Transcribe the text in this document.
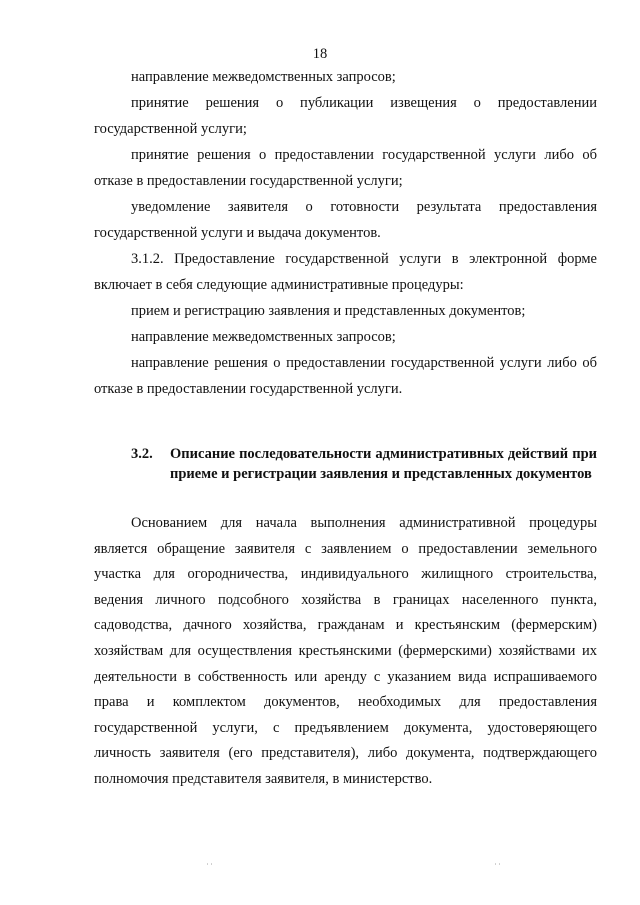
18

направление межведомственных запросов;

принятие решения о публикации извещения о предоставлении государственной услуги;

принятие решения о предоставлении государственной услуги либо об отказе в предоставлении государственной услуги;

уведомление заявителя о готовности результата предоставления государственной услуги и выдача документов.

3.1.2. Предоставление государственной услуги в электронной форме включает в себя следующие административные процедуры:

прием и регистрацию заявления и представленных документов;

направление межведомственных запросов;

направление решения о предоставлении государственной услуги либо об отказе в предоставлении государственной услуги.

3.2. Описание последовательности административных действий при приеме и регистрации заявления и представленных документов

Основанием для начала выполнения административной процедуры является обращение заявителя с заявлением о предоставлении земельного участка для огородничества, индивидуального жилищного строительства, ведения личного подсобного хозяйства в границах населенного пункта, садоводства, дачного хозяйства, гражданам и крестьянским (фермерским) хозяйствам для осуществления крестьянскими (фермерскими) хозяйствами их деятельности в собственность или аренду с указанием вида испрашиваемого права и комплектом документов, необходимых для предоставления государственной услуги, с предъявлением документа, удостоверяющего личность заявителя (его представителя), либо документа, подтверждающего полномочия представителя заявителя, в министерство.

˙˙	˙˙
